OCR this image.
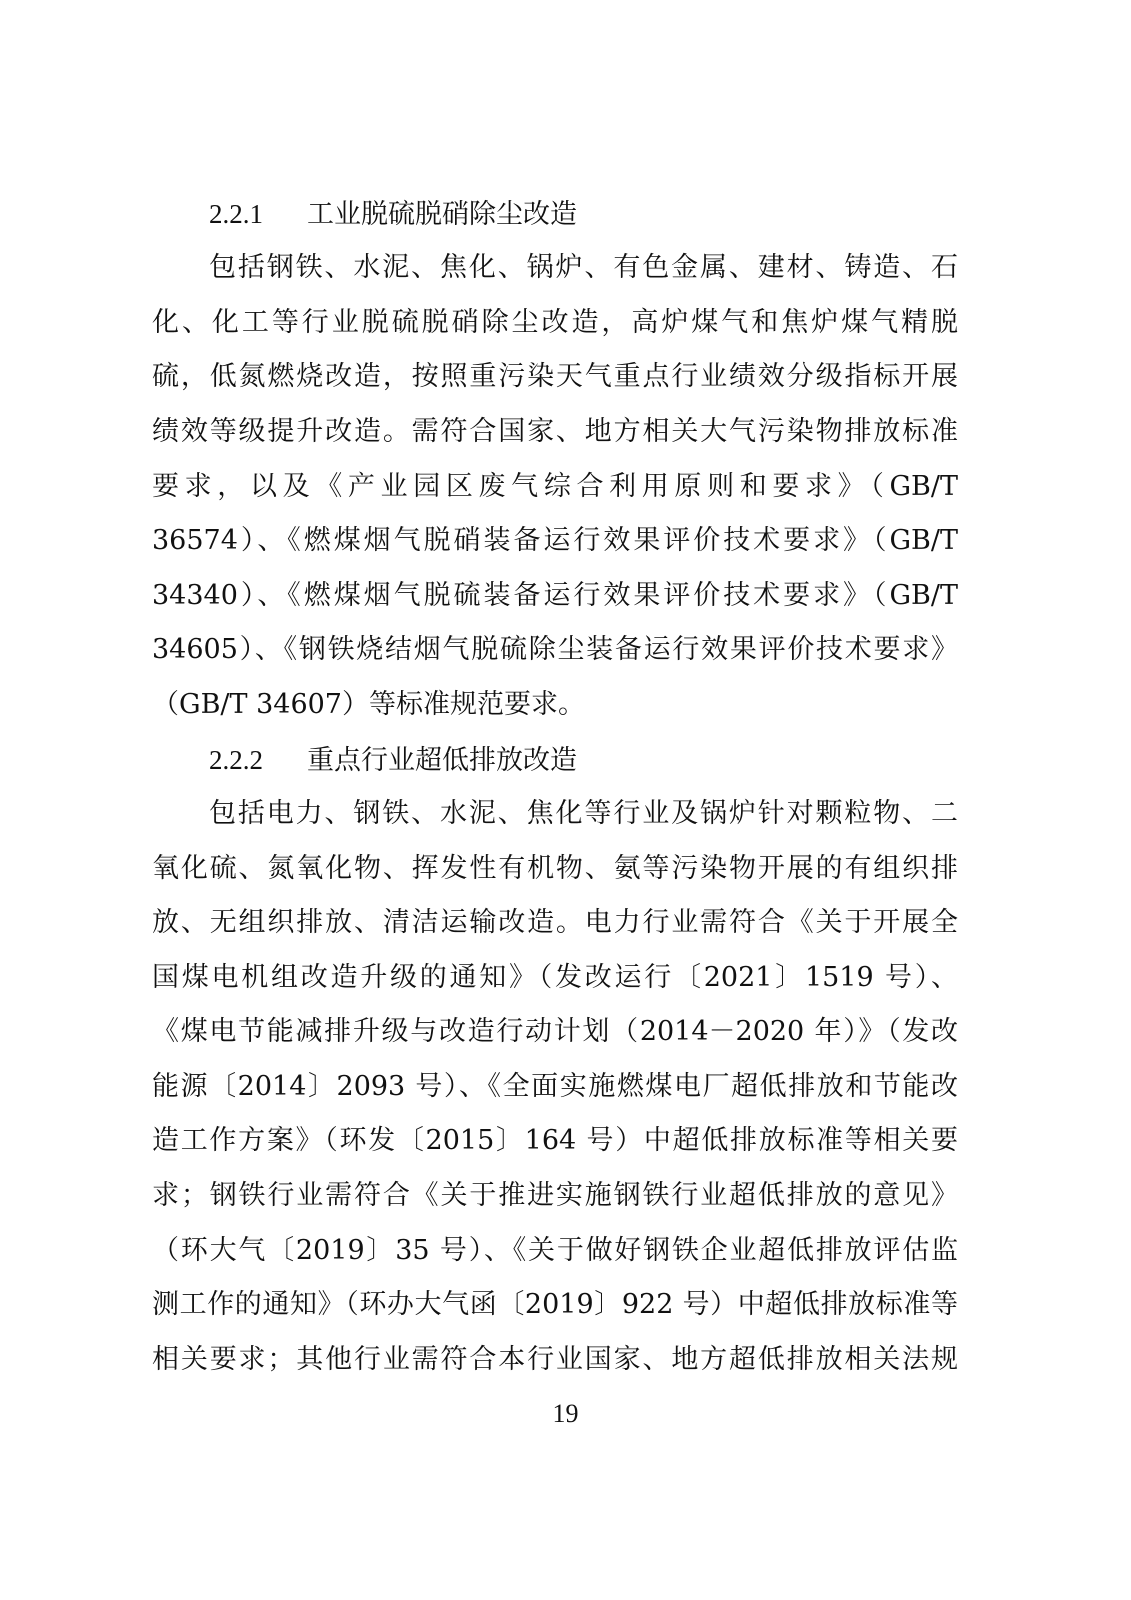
2.2.1 工业脱硫脱硝除尘改造
包括钢铁、水泥、焦化、锅炉、有色金属、建材、铸造、石
化、化工等行业脱硫脱硝除尘改造，高炉煤气和焦炉煤气精脱
硫，低氮燃烧改造，按照重污染天气重点行业绩效分级指标开展
绩效等级提升改造。需符合国家、地方相关大气污染物排放标准
要求，以及《产业园区废气综合利用原则和要求》（GB/T
36574）、《燃煤烟气脱硝装备运行效果评价技术要求》（GB/T
34340）、《燃煤烟气脱硫装备运行效果评价技术要求》（GB/T
34605）、《钢铁烧结烟气脱硫除尘装备运行效果评价技术要求》
（GB/T 34607）等标准规范要求。
2.2.2 重点行业超低排放改造
包括电力、钢铁、水泥、焦化等行业及锅炉针对颗粒物、二
氧化硫、氮氧化物、挥发性有机物、氨等污染物开展的有组织排
放、无组织排放、清洁运输改造。电力行业需符合《关于开展全
国煤电机组改造升级的通知》（发改运行〔2021〕1519 号）、
《煤电节能减排升级与改造行动计划（2014－2020 年）》（发改
能源〔2014〕2093 号）、《全面实施燃煤电厂超低排放和节能改
造工作方案》（环发〔2015〕164 号）中超低排放标准等相关要
求；钢铁行业需符合《关于推进实施钢铁行业超低排放的意见》
（环大气〔2019〕35 号）、《关于做好钢铁企业超低排放评估监
测工作的通知》（环办大气函〔2019〕922 号）中超低排放标准等
相关要求；其他行业需符合本行业国家、地方超低排放相关法规
19
